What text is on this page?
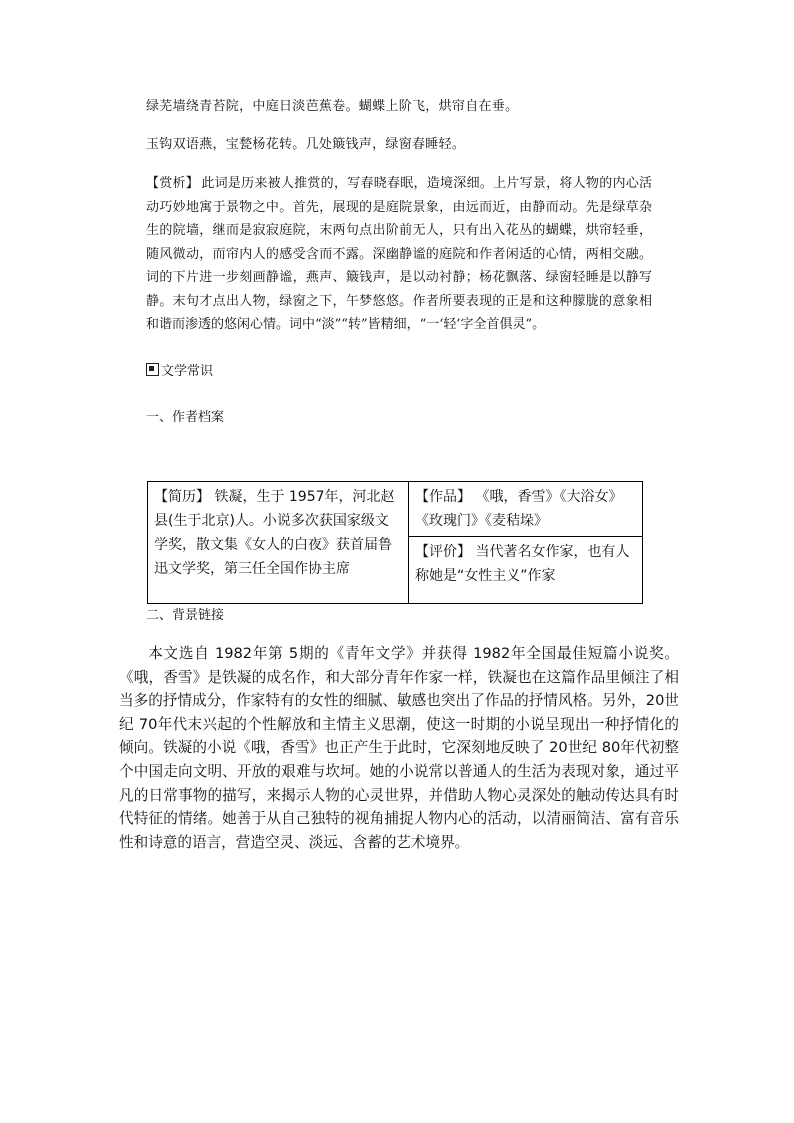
绿芜墙绕青苔院，中庭日淡芭蕉卷。蝴蝶上阶飞，烘帘自在垂。
玉钩双语燕，宝甃杨花转。几处簸钱声，绿窗春睡轻。
【赏析】 此词是历来被人推赏的，写春晓春眠，造境深细。上片写景，将人物的内心活动巧妙地寓于景物之中。首先，展现的是庭院景象，由远而近，由静而动。先是绿草杂生的院墙，继而是寂寂庭院，末两句点出阶前无人，只有出入花丛的蝴蝶，烘帘轻垂，随风微动，而帘内人的感受含而不露。深幽静谧的庭院和作者闲适的心情，两相交融。词的下片进一步刻画静谧，燕声、簸钱声，是以动衬静；杨花飘落、绿窗轻睡是以静写静。末句才点出人物，绿窗之下，午梦悠悠。作者所要表现的正是和这种朦胧的意象相和谐而渗透的悠闲心情。词中“淡”“转”皆精细，“一‘轻’字全首俱灵”。
文学常识
一、作者档案
【简历】 铁凝，生于 1957年，河北赵县(生于北京)人。小说多次获国家级文学奖，散文集《女人的白夜》获首届鲁迅文学奖，第三任全国作协主席	【作品】 《哦，香雪》《大浴女》《玫瑰门》《麦秸垛》
【评价】 当代著名女作家，也有人称她是“女性主义”作家
二、背景链接
本文选自 1982年第 5期的《青年文学》并获得 1982年全国最佳短篇小说奖。《哦，香雪》是铁凝的成名作，和大部分青年作家一样，铁凝也在这篇作品里倾注了相当多的抒情成分，作家特有的女性的细腻、敏感也突出了作品的抒情风格。另外，20世纪 70年代末兴起的个性解放和主情主义思潮，使这一时期的小说呈现出一种抒情化的倾向。铁凝的小说《哦，香雪》也正产生于此时，它深刻地反映了 20世纪 80年代初整个中国走向文明、开放的艰难与坎坷。她的小说常以普通人的生活为表现对象，通过平凡的日常事物的描写，来揭示人物的心灵世界，并借助人物心灵深处的触动传达具有时代特征的情绪。她善于从自己独特的视角捕捉人物内心的活动，以清丽简洁、富有音乐性和诗意的语言，营造空灵、淡远、含蓄的艺术境界。
